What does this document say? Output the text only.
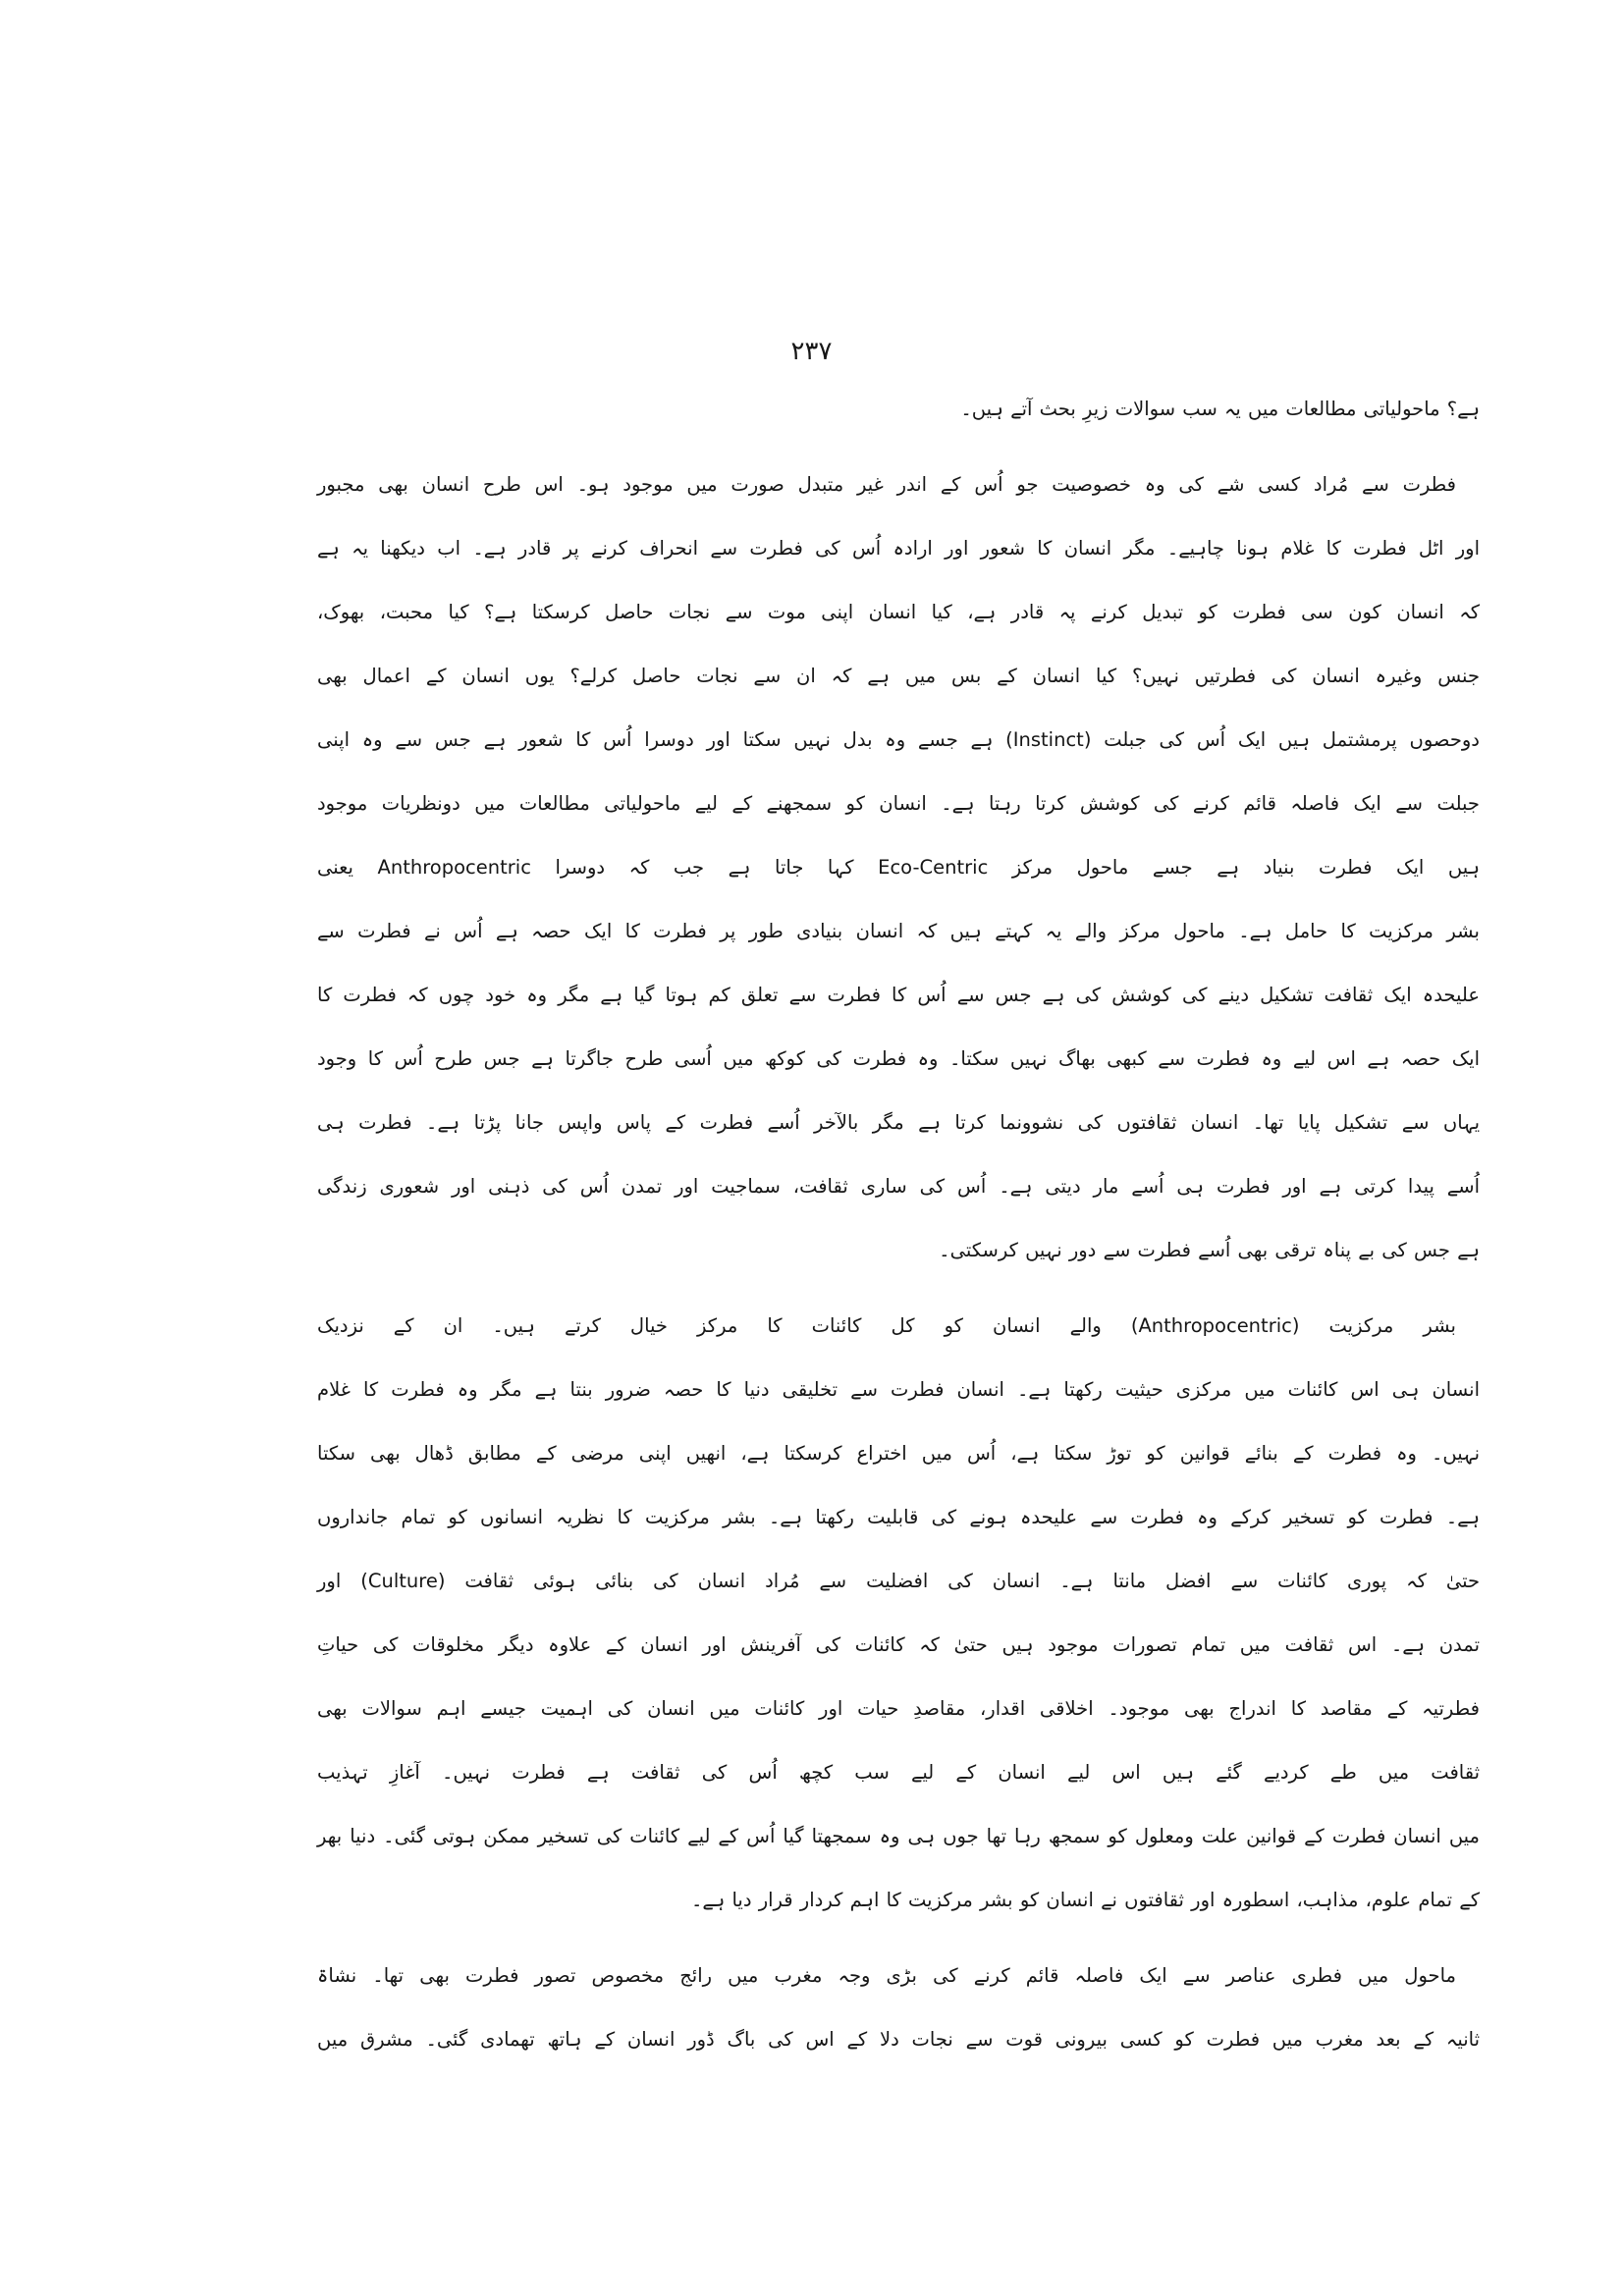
۲۳۷
ہے؟ ماحولیاتی مطالعات میں یہ سب سوالات زیرِ بحث آتے ہیں۔
فطرت سے مُراد کسی شے کی وہ خصوصیت جو اُس کے اندر غیر متبدل صورت میں موجود ہو۔ اس طرح انسان بھی مجبور
اور اٹل فطرت کا غلام ہونا چاہیے۔ مگر انسان کا شعور اور ارادہ اُس کی فطرت سے انحراف کرنے پر قادر ہے۔ اب دیکھنا یہ ہے
کہ انسان کون سی فطرت کو تبدیل کرنے پہ قادر ہے، کیا انسان اپنی موت سے نجات حاصل کرسکتا ہے؟ کیا محبت، بھوک،
جنس وغیرہ انسان کی فطرتیں نہیں؟ کیا انسان کے بس میں ہے کہ ان سے نجات حاصل کرلے؟ یوں انسان کے اعمال بھی
دوحصوں پرمشتمل ہیں ایک اُس کی جبلت (Instinct) ہے جسے وہ بدل نہیں سکتا اور دوسرا اُس کا شعور ہے جس سے وہ اپنی
جبلت سے ایک فاصلہ قائم کرنے کی کوشش کرتا رہتا ہے۔ انسان کو سمجھنے کے لیے ماحولیاتی مطالعات میں دونظریات موجود
ہیں ایک فطرت بنیاد ہے جسے ماحول مرکز Eco-Centric کہا جاتا ہے جب کہ دوسرا Anthropocentric یعنی
بشر مرکزیت کا حامل ہے۔ ماحول مرکز والے یہ کہتے ہیں کہ انسان بنیادی طور پر فطرت کا ایک حصہ ہے اُس نے فطرت سے
علیحدہ ایک ثقافت تشکیل دینے کی کوشش کی ہے جس سے اُس کا فطرت سے تعلق کم ہوتا گیا ہے مگر وہ خود چوں کہ فطرت کا
ایک حصہ ہے اس لیے وہ فطرت سے کبھی بھاگ نہیں سکتا۔ وہ فطرت کی کوکھ میں اُسی طرح جاگرتا ہے جس طرح اُس کا وجود
یہاں سے تشکیل پایا تھا۔ انسان ثقافتوں کی نشوونما کرتا ہے مگر بالآخر اُسے فطرت کے پاس واپس جانا پڑتا ہے۔ فطرت ہی
اُسے پیدا کرتی ہے اور فطرت ہی اُسے مار دیتی ہے۔ اُس کی ساری ثقافت، سماجیت اور تمدن اُس کی ذہنی اور شعوری زندگی
ہے جس کی بے پناہ ترقی بھی اُسے فطرت سے دور نہیں کرسکتی۔
بشر مرکزیت (Anthropocentric) والے انسان کو کل کائنات کا مرکز خیال کرتے ہیں۔ ان کے نزدیک
انسان ہی اس کائنات میں مرکزی حیثیت رکھتا ہے۔ انسان فطرت سے تخلیقی دنیا کا حصہ ضرور بنتا ہے مگر وہ فطرت کا غلام
نہیں۔ وہ فطرت کے بنائے قوانین کو توڑ سکتا ہے، اُس میں اختراع کرسکتا ہے، انھیں اپنی مرضی کے مطابق ڈھال بھی سکتا
ہے۔ فطرت کو تسخیر کرکے وہ فطرت سے علیحدہ ہونے کی قابلیت رکھتا ہے۔ بشر مرکزیت کا نظریہ انسانوں کو تمام جانداروں
حتیٰ کہ پوری کائنات سے افضل مانتا ہے۔ انسان کی افضلیت سے مُراد انسان کی بنائی ہوئی ثقافت (Culture) اور
تمدن ہے۔ اس ثقافت میں تمام تصورات موجود ہیں حتیٰ کہ کائنات کی آفرینش اور انسان کے علاوہ دیگر مخلوقات کی حیاتِ
فطرتیہ کے مقاصد کا اندراج بھی موجود۔ اخلاقی اقدار، مقاصدِ حیات اور کائنات میں انسان کی اہمیت جیسے اہم سوالات بھی
ثقافت میں طے کردیے گئے ہیں اس لیے انسان کے لیے سب کچھ اُس کی ثقافت ہے فطرت نہیں۔ آغازِ تہذیب
میں انسان فطرت کے قوانین علت ومعلول کو سمجھ رہا تھا جوں ہی وہ سمجھتا گیا اُس کے لیے کائنات کی تسخیر ممکن ہوتی گئی۔ دنیا بھر
کے تمام علوم، مذاہب، اسطورہ اور ثقافتوں نے انسان کو بشر مرکزیت کا اہم کردار قرار دیا ہے۔
ماحول میں فطری عناصر سے ایک فاصلہ قائم کرنے کی بڑی وجہ مغرب میں رائج مخصوص تصور فطرت بھی تھا۔ نشاۃ
ثانیہ کے بعد مغرب میں فطرت کو کسی بیرونی قوت سے نجات دلا کے اس کی باگ ڈور انسان کے ہاتھ تھمادی گئی۔ مشرق میں
